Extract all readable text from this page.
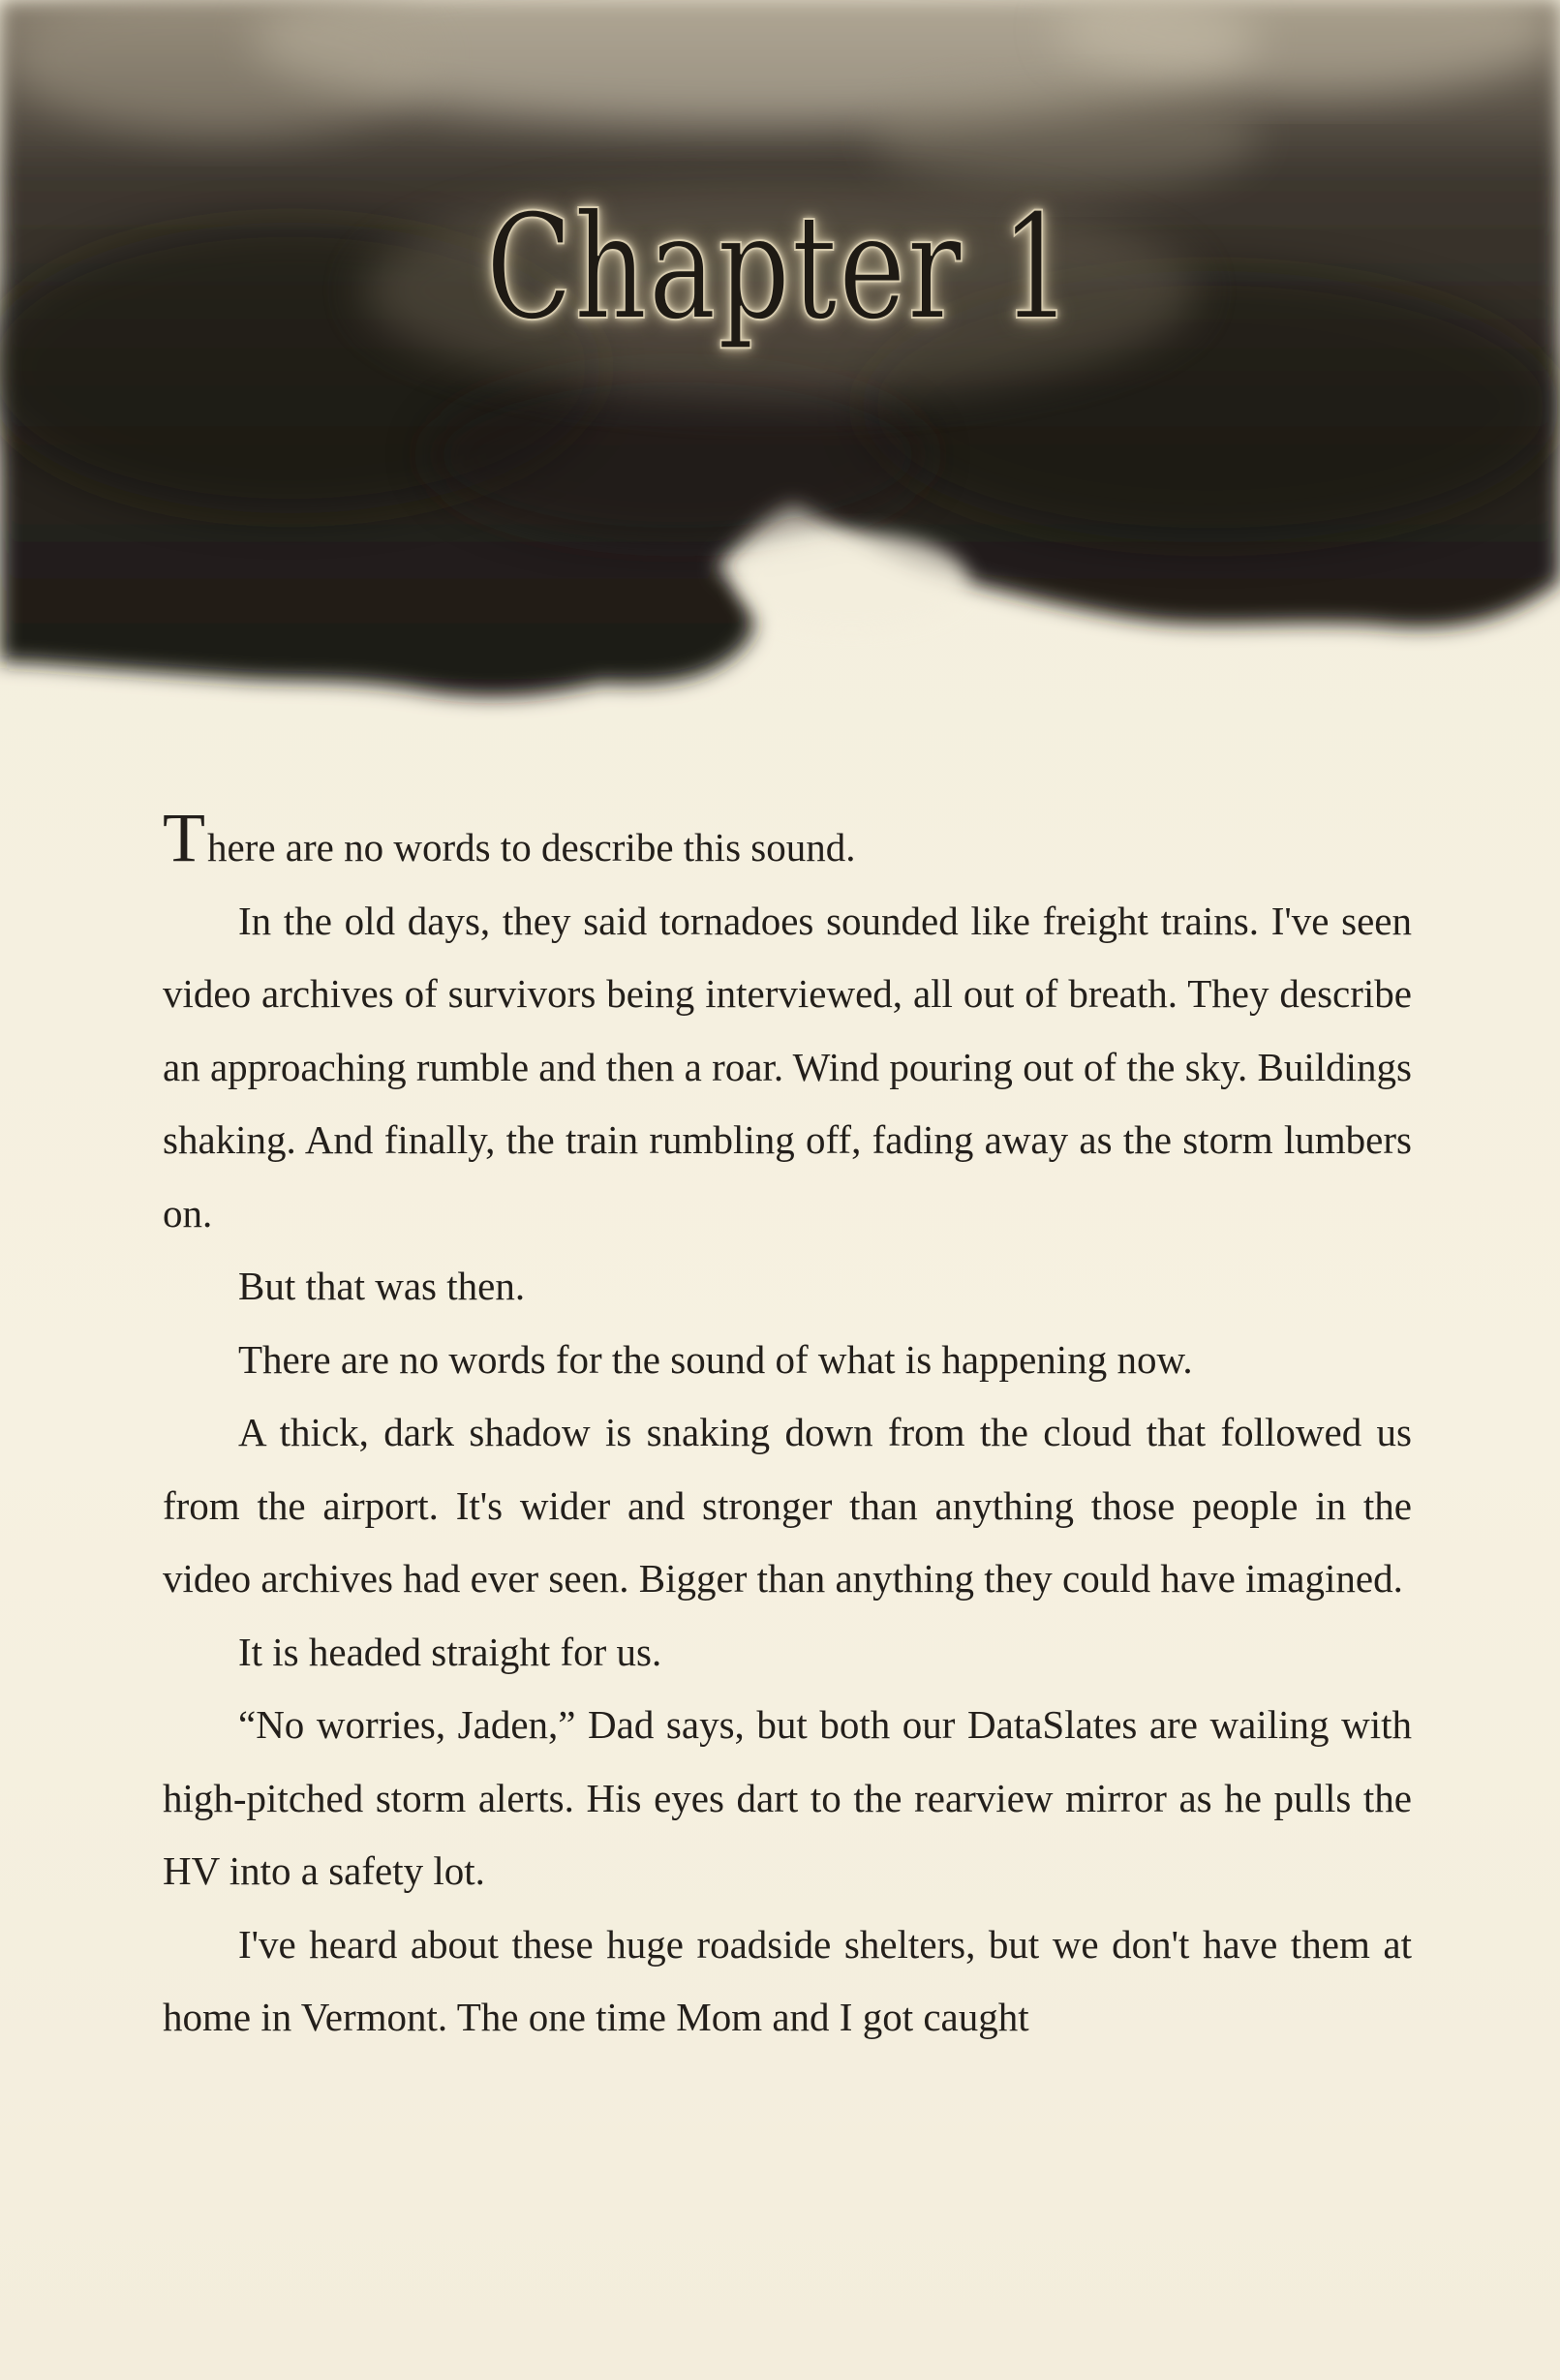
Chapter 1

There are no words to describe this sound.

In the old days, they said tornadoes sounded like freight trains. I've seen video archives of survivors being interviewed, all out of breath. They describe an approaching rumble and then a roar. Wind pouring out of the sky. Buildings shaking. And finally, the train rumbling off, fading away as the storm lumbers on.

But that was then.

There are no words for the sound of what is happening now.

A thick, dark shadow is snaking down from the cloud that followed us from the airport. It's wider and stronger than anything those people in the video archives had ever seen. Bigger than anything they could have imagined.

It is headed straight for us.

“No worries, Jaden,” Dad says, but both our DataSlates are wailing with high-pitched storm alerts. His eyes dart to the rearview mirror as he pulls the HV into a safety lot.

I've heard about these huge roadside shelters, but we don't have them at home in Vermont. The one time Mom and I got caught
